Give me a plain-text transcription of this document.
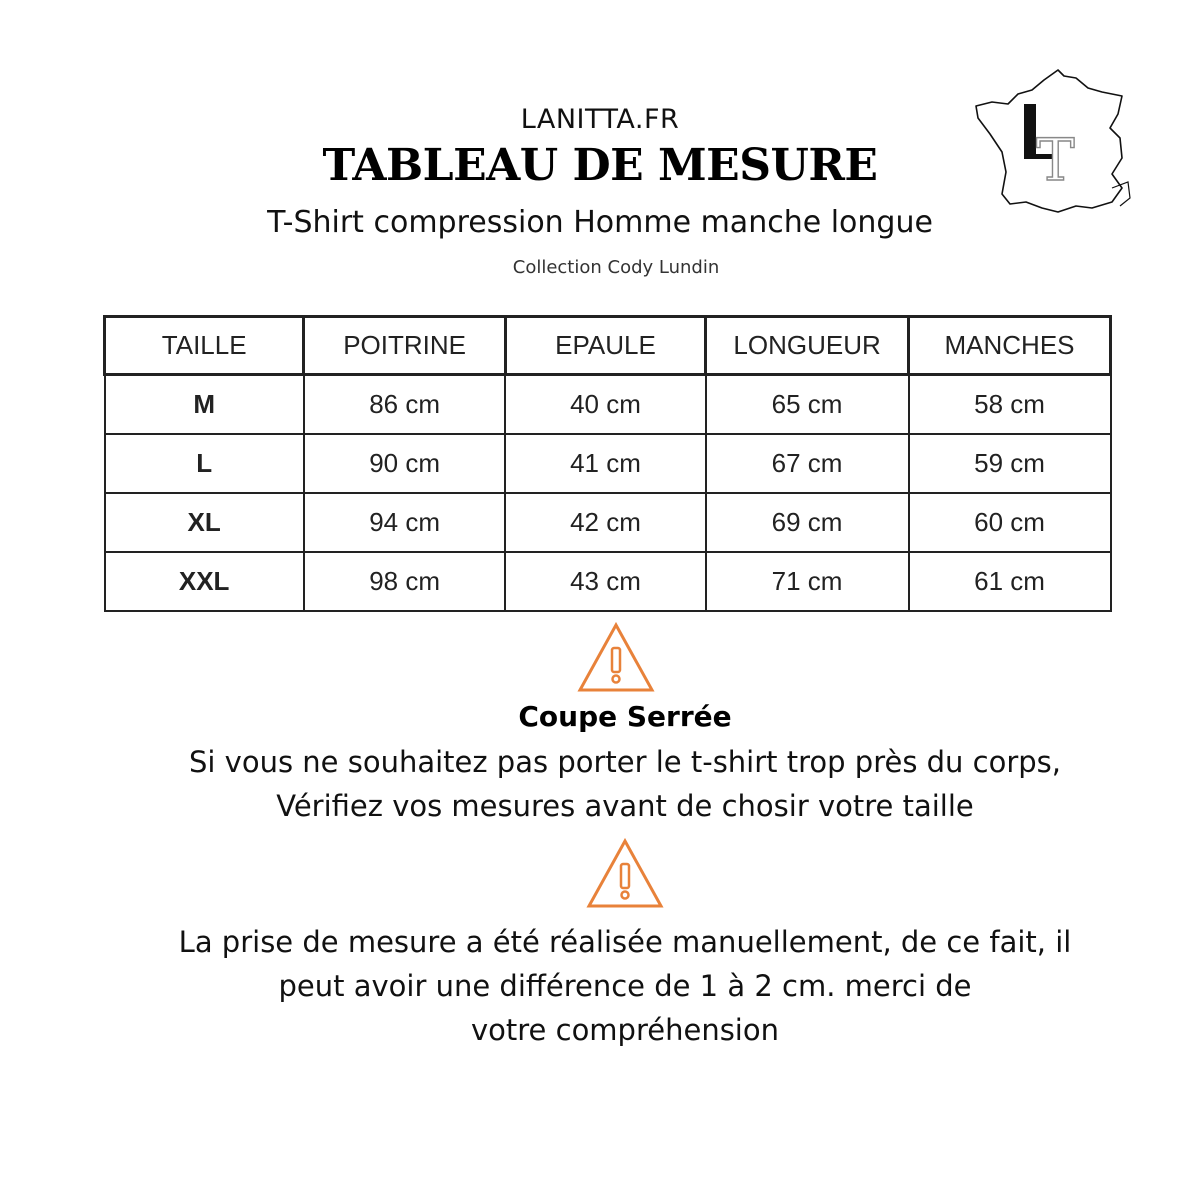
LANITTA.FR
TABLEAU DE MESURE
T-Shirt compression Homme manche longue
Collection Cody Lundin
T
TAILLE	POITRINE	EPAULE	LONGUEUR	MANCHES
M	86 cm	40 cm	65 cm	58 cm
L	90 cm	41 cm	67 cm	59 cm
XL	94 cm	42 cm	69 cm	60 cm
XXL	98 cm	43 cm	71 cm	61 cm
Coupe Serrée
Si vous ne souhaitez pas porter le t-shirt trop près du corps,
Vérifiez vos mesures avant de chosir votre taille
La prise de mesure a été réalisée manuellement, de ce fait, il
peut avoir une différence de 1 à 2 cm. merci de
votre compréhension
